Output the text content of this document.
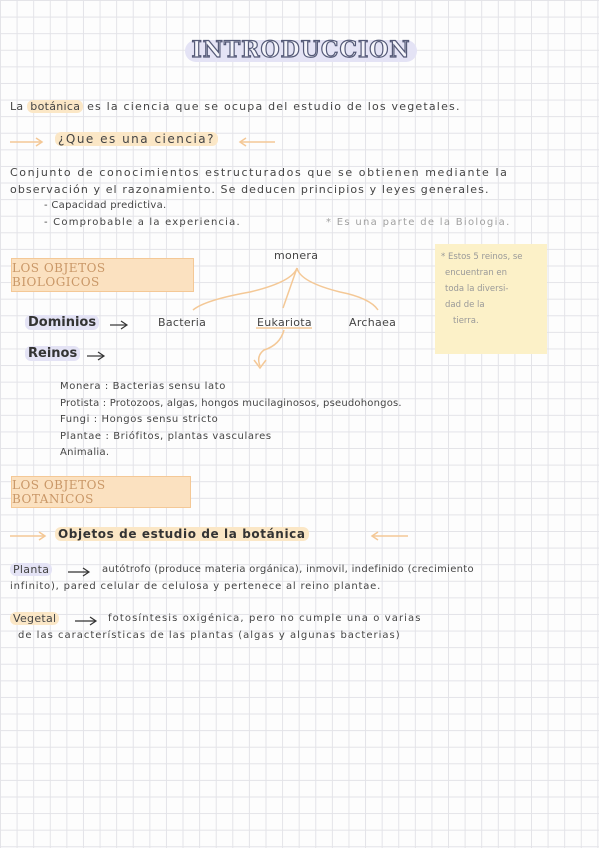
INTRODUCCION
La botánica es la ciencia que se ocupa del estudio de los vegetales.
¿Que es una ciencia?
Conjunto de conocimientos estructurados que se obtienen mediante la
observación y el razonamiento. Se deducen principios y leyes generales.
- Capacidad predictiva.
- Comprobable a la experiencia.	* Es una parte de la Biologia.
LOS OBJETOS BIOLOGICOS
monera
Dominios	Bacteria	Eukariota	Archaea
Reinos
* Estos 5 reinos, se
encuentran en
toda la diversi-
dad de la
tierra.
Monera : Bacterias sensu lato
Protista : Protozoos, algas, hongos mucilaginosos, pseudohongos.
Fungi : Hongos sensu stricto
Plantae : Briófitos, plantas vasculares
Animalia.
LOS OBJETOS BOTANICOS
Objetos de estudio de la botánica
Planta	autótrofo (produce materia orgánica), inmovil, indefinido (crecimiento
infinito), pared celular de celulosa y pertenece al reino plantae.
Vegetal	fotosíntesis oxigénica, pero no cumple una o varias
de las características de las plantas (algas y algunas bacterias)
